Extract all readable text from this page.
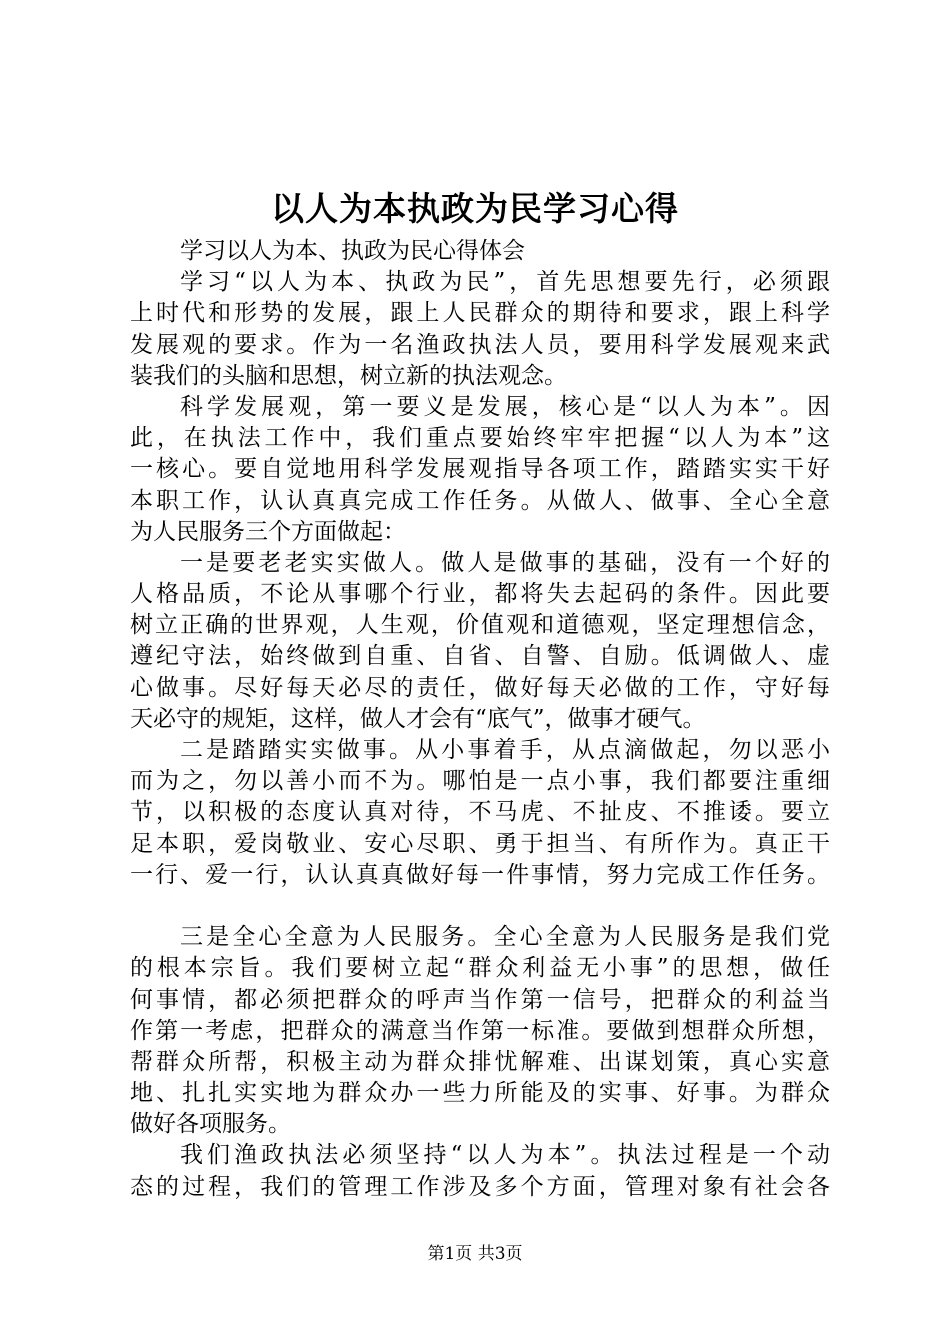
以人为本执政为民学习心得
学习以人为本、执政为民心得体会
学习“以人为本、执政为民”，首先思想要先行，必须跟
上时代和形势的发展，跟上人民群众的期待和要求，跟上科学
发展观的要求。作为一名渔政执法人员，要用科学发展观来武
装我们的头脑和思想，树立新的执法观念。
科学发展观，第一要义是发展，核心是“以人为本”。因
此，在执法工作中，我们重点要始终牢牢把握“以人为本”这
一核心。要自觉地用科学发展观指导各项工作，踏踏实实干好
本职工作，认认真真完成工作任务。从做人、做事、全心全意
为人民服务三个方面做起：
一是要老老实实做人。做人是做事的基础，没有一个好的
人格品质，不论从事哪个行业，都将失去起码的条件。因此要
树立正确的世界观，人生观，价值观和道德观，坚定理想信念，
遵纪守法，始终做到自重、自省、自警、自励。低调做人、虚
心做事。尽好每天必尽的责任，做好每天必做的工作，守好每
天必守的规矩，这样，做人才会有“底气”，做事才硬气。
二是踏踏实实做事。从小事着手，从点滴做起，勿以恶小
而为之，勿以善小而不为。哪怕是一点小事，我们都要注重细
节，以积极的态度认真对待，不马虎、不扯皮、不推诿。要立
足本职，爱岗敬业、安心尽职、勇于担当、有所作为。真正干
一行、爱一行，认认真真做好每一件事情，努力完成工作任务。
三是全心全意为人民服务。全心全意为人民服务是我们党
的根本宗旨。我们要树立起“群众利益无小事”的思想，做任
何事情，都必须把群众的呼声当作第一信号，把群众的利益当
作第一考虑，把群众的满意当作第一标准。要做到想群众所想，
帮群众所帮，积极主动为群众排忧解难、出谋划策，真心实意
地、扎扎实实地为群众办一些力所能及的实事、好事。为群众
做好各项服务。
我们渔政执法必须坚持“以人为本”。执法过程是一个动
态的过程，我们的管理工作涉及多个方面，管理对象有社会各
第1页 共3页
